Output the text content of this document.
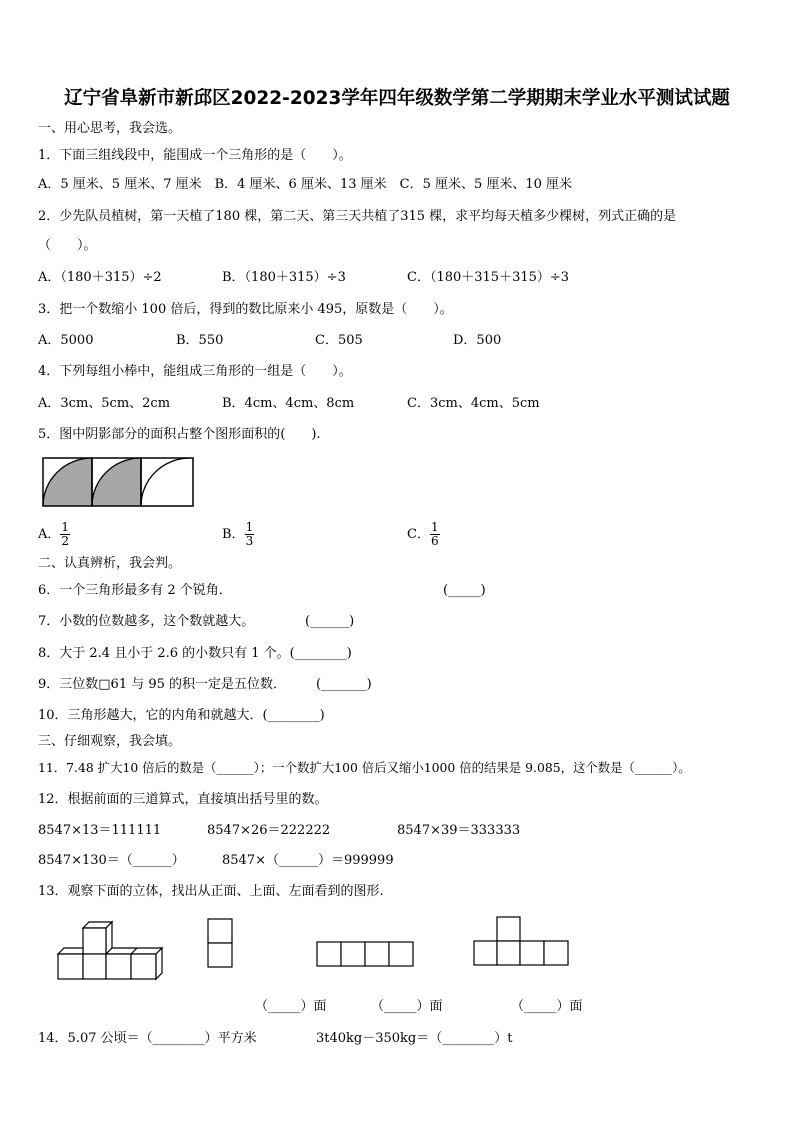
辽宁省阜新市新邱区2022-2023学年四年级数学第二学期期末学业水平测试试题
一、用心思考，我会选。
1．下面三组线段中，能围成一个三角形的是（　　）。
A．5 厘米、5 厘米、7 厘米　B．4 厘米、6 厘米、13 厘米　C．5 厘米、5 厘米、10 厘米
2．少先队员植树，第一天植了180 棵，第二天、第三天共植了315 棵，求平均每天植多少棵树，列式正确的是
（　　）。
A．（180＋315）÷2	B．（180＋315）÷3	C．（180＋315＋315）÷3
3．把一个数缩小 100 倍后，得到的数比原来小 495，原数是（　　）。
A．5000	B．550	C．505	D．500
4．下列每组小棒中，能组成三角形的一组是（　　）。
A．3cm、5cm、2cm	B．4cm、4cm、8cm	C．3cm、4cm、5cm
5．图中阴影部分的面积占整个图形面积的(　　).
A． $\frac{1}{2}$	B． $\frac{1}{3}$	C． $\frac{1}{6}$
二、认真辨析，我会判。
6．一个三角形最多有 2 个锐角．	(_____)
7．小数的位数越多，这个数就越大。	(______)
8．大于 2.4 且小于 2.6 的小数只有 1 个。(________)
9．三位数□61 与 95 的积一定是五位数． (_______)
10．三角形越大，它的内角和就越大．(________)
三、仔细观察，我会填。
11．7.48 扩大10 倍后的数是（______）；一个数扩大100 倍后又缩小1000 倍的结果是 9.085，这个数是（______）。
12．根据前面的三道算式，直接填出括号里的数。
8547×13＝111111	8547×26＝222222	8547×39＝333333
8547×130＝（______）	8547×（______）＝999999
13．观察下面的立体，找出从正面、上面、左面看到的图形.
（_____）面	（_____）面	（_____）面
14．5.07 公顷＝（________）平方米	3t40kg－350kg＝（________）t
